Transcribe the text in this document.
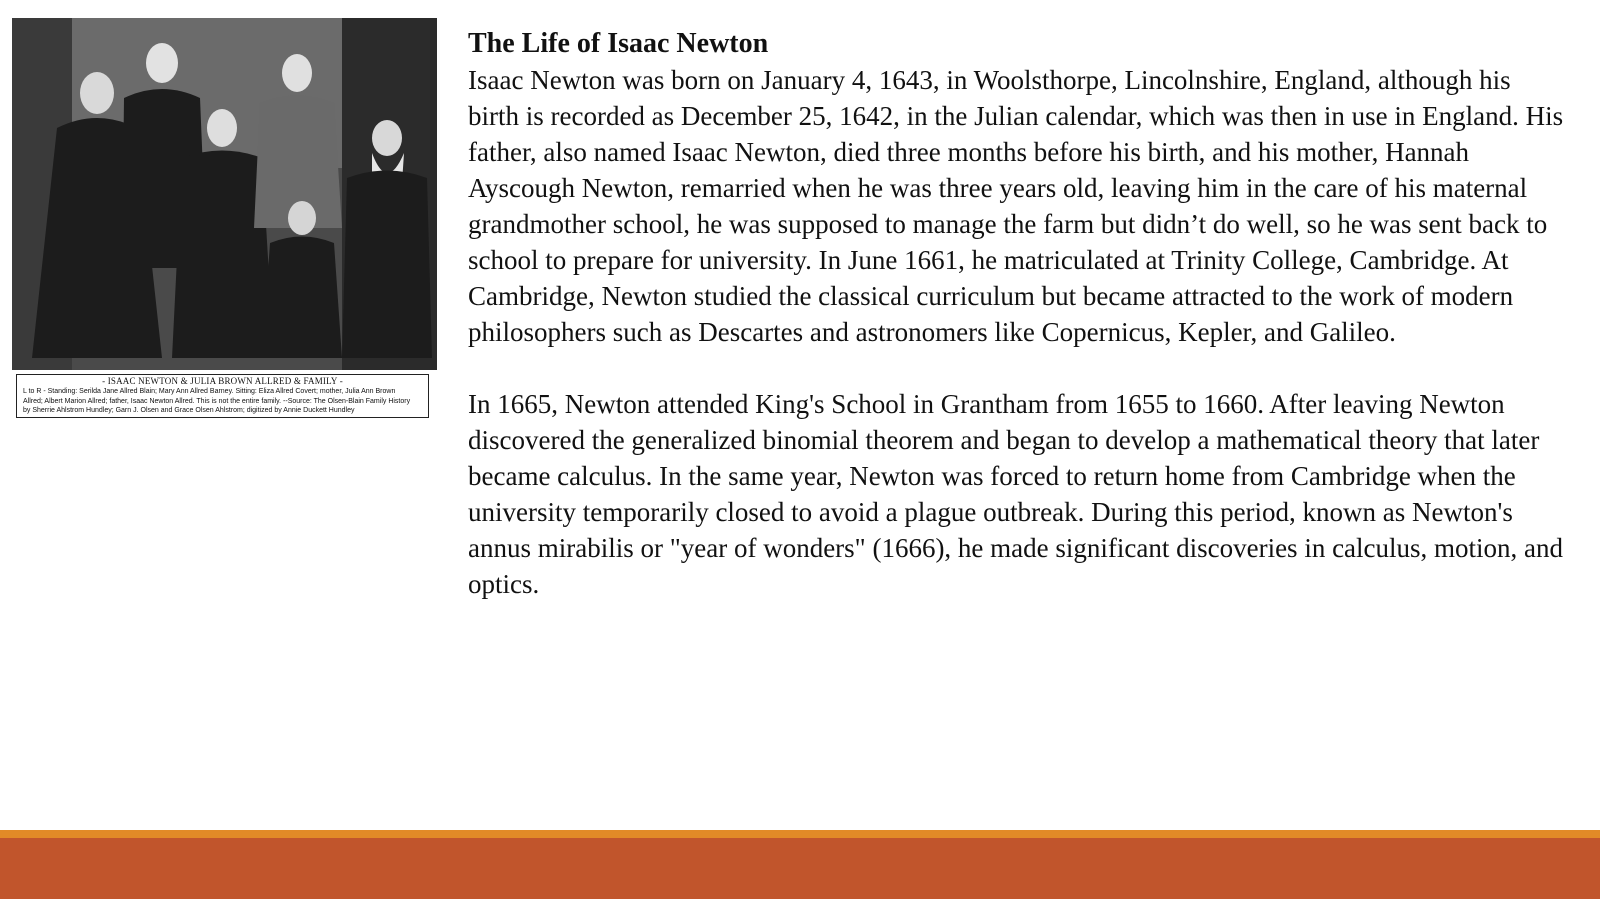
- ISAAC NEWTON & JULIA BROWN ALLRED & FAMILY -
L to R - Standing: Serilda Jane Allred Blain; Mary Ann Allred Barney. Sitting: Eliza Allred Covert; mother, Julia Ann Brown
Allred; Albert Marion Allred; father, Isaac Newton Allred. This is not the entire family. --Source: The Olsen-Blain Family History
by Sherrie Ahlstrom Hundley; Garn J. Olsen and Grace Olsen Ahlstrom; digitized by Annie Duckett Hundley
The Life of Isaac Newton

Isaac Newton was born on January 4, 1643, in Woolsthorpe, Lincolnshire, England, although his birth is recorded as December 25, 1642, in the Julian calendar, which was then in use in England. His father, also named Isaac Newton, died three months before his birth, and his mother, Hannah Ayscough Newton, remarried when he was three years old, leaving him in the care of his maternal grandmother school, he was supposed to manage the farm but didn’t do well, so he was sent back to school to prepare for university. In June 1661, he matriculated at Trinity College, Cambridge. At Cambridge, Newton studied the classical curriculum but became attracted to the work of modern philosophers such as Descartes and astronomers like Copernicus, Kepler, and Galileo.

In 1665, Newton attended King's School in Grantham from 1655 to 1660. After leaving Newton discovered the generalized binomial theorem and began to develop a mathematical theory that later became calculus. In the same year, Newton was forced to return home from Cambridge when the university temporarily closed to avoid a plague outbreak. During this period, known as Newton's annus mirabilis or "year of wonders" (1666), he made significant discoveries in calculus, motion, and optics.
